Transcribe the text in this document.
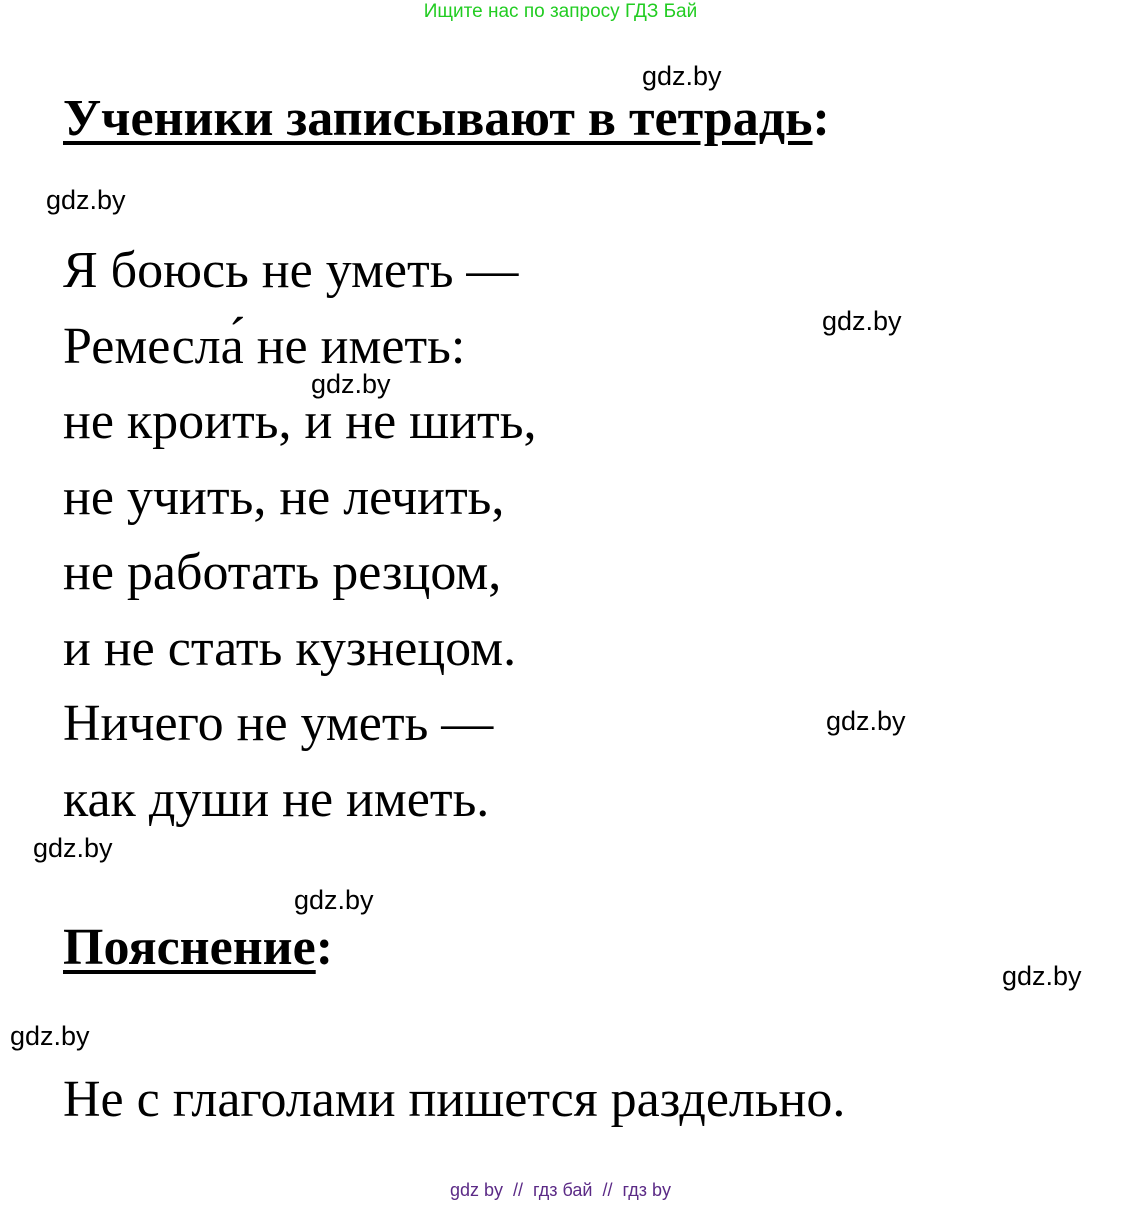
Ищите нас по запросу ГДЗ Бай
gdz.by
Ученики записывают в тетрадь:
gdz.by
gdz.by
Я боюсь не уметь —
Ремесла́ не иметь:
не кроить, и не шить,
не учить, не лечить,
не работать резцом,
и не стать кузнецом.
Ничего не уметь —
как души не иметь.
gdz.by
gdz.by
gdz.by
gdz.by
Пояснение:	gdz.by
gdz.by
Не с глаголами пишется раздельно.
gdz by  //  гдз бай  //  гдз by
